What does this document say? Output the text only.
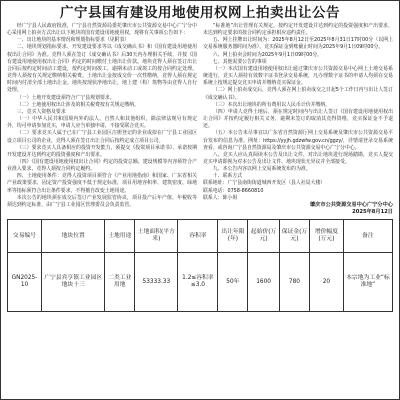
广宁县国有建设用地使用权网上拍卖出让公告

经广宁县人民政府批准，广宁县自然资源局委托肇庆市公共资源交易中心广宁分中心采用网上拍卖方式出让以下地块的国有建设用地使用权，现将有关事项公告如下：

一、出让地块的基本情况和规划指标要求（见附表）

二、地块规划指标要求、开发建设要求等以《成交确认书》和《国有建设用地使用权出让合同》为准。竞得人须在签订《成交确认书》后30天内办理相关手续，并按《国有建设用地使用权出让合同》约定的时间缴付土地出让价款。地块竞得人须在签订出让合同后按约定时间动工建设，按约定时间竣工，逾期未动工或竣工的按合同约定处理。竞得人须按有关规定缴纳相关税费。土地出让金按成交价一次性缴纳，竞得人须在规定时间内付清全部土地出让金。地块按现状净地出让，地上建（构）筑物等由竞得人自行处理。

（一）土地开发建设须符合广宁县规划要求。

（二）土地使用权出让涉及的相关税费按有关规定缴纳。

三、竞买人资格及要求

（一）中华人民共和国境内外的法人、自然人和其他组织，除法律法规另有规定外，均可申请参加竞买，申请人应当单独申请，不接受联合竞买。

（二）要求竞买人属于已在广宁县工业园区注册登记的企业或拟在广宁县工业园区设立项目公司的企业，竞得人须在签订出让合同后按约定成立项目公司。

（三）要求竞买人具备相应的投资开发能力，须提交《投资项目承诺书》，承诺按期开发建设并达到约定的投资强度和产出要求。

（四）《国有建设用地使用权出让合同》约定的投资总额、建设规模等内容须符合产业准入要求，竞得人须按合同约定履约。

四、土地使用条件：竞得人投资项目须符合《产业用地指南》和国家、广东省相关产业政策要求，固定资产投资强度不低于规定标准，项目用地容积率、建筑密度、绿地率等指标须符合出让条件要求，不得擅自改变土地用途。

本次公告的地块须在成交后签订产业发展监管协议，项目投产后年产值、年税收等须达到约定标准，由广宁县工业园区管理委员会负责监管。

“标准地”出让管理有关规定，按约定开发建设并达到约定的投资强度和产出要求，未达到约定要求的按合同约定承担相应违约责任。

五、网上挂牌出让时间为：2025年8月12日至2025年8月31日17时00分（以网上交易系统服务器时间为准），竞买保证金到账截止时间为2025年9月1日09时00分。

六、网上拍卖会时间为2025年9月1日09时00分。

七、其他需要公告的事项

（一）本次国有建设用地使用权出让通过肇庆市公共资源交易中心网上土地交易系统进行，竞买人须持有效数字证书登录交易系统，凡办理数字证书的申请人均须在交易系统上按规定提交竞买申请并缴纳竞买保证金。

（二）网上拍卖成交后，竞得人须在网上拍卖成交之日起5个工作日内与出让人签订《成交确认书》。

（三）本次出让地块的所有费用以人民币计价并缴纳。

（四）申请人竞得土地后，须在规定时间内与出让人签订《国有建设用地使用权出让合同》并按约定履行相关义务，逾期未签订的取消其竞得资格，竞买保证金不予退还。

（五）本公告未尽事宜以广东省自然资源厅网上交易系统及肇庆市公共资源交易平台发布的信息为准。网址：https://yyjh.gdzwfw.gov.cn/ggzy/，详情请登录交易系统查看，或咨询广宁县自然资源局及肇庆市公共资源交易中心广宁分中心。

八、竞买人应认真阅读本公告及出让文件，对出让地块进行现场踏勘，竞买人提交竞买申请即视为对本公告及出让文件、地块现状无异议并全部接受。

九、本公告内容以网上交易系统发布的为准。

十、联系方式

联系地址：广宁县南街街道城西开发区（县人社局大楼）

联系电话：0758-8660810

联系人：陈小姐

肇庆市公共资源交易中心广宁分中心
2025年8月12日
交易编号	地块位置	土地用途	土地面积(平方米)	容积率	出让年限(年)	起始价(万元)	保证金(万元)	增价幅度(万元)	备注
GN2025-10	广宁县宾亨镇工业园区地块十三	二类工业用地	53333.33	1.2≤容积率≤3.0	50年	1600	780	20	本宗地为工业“标准地”
